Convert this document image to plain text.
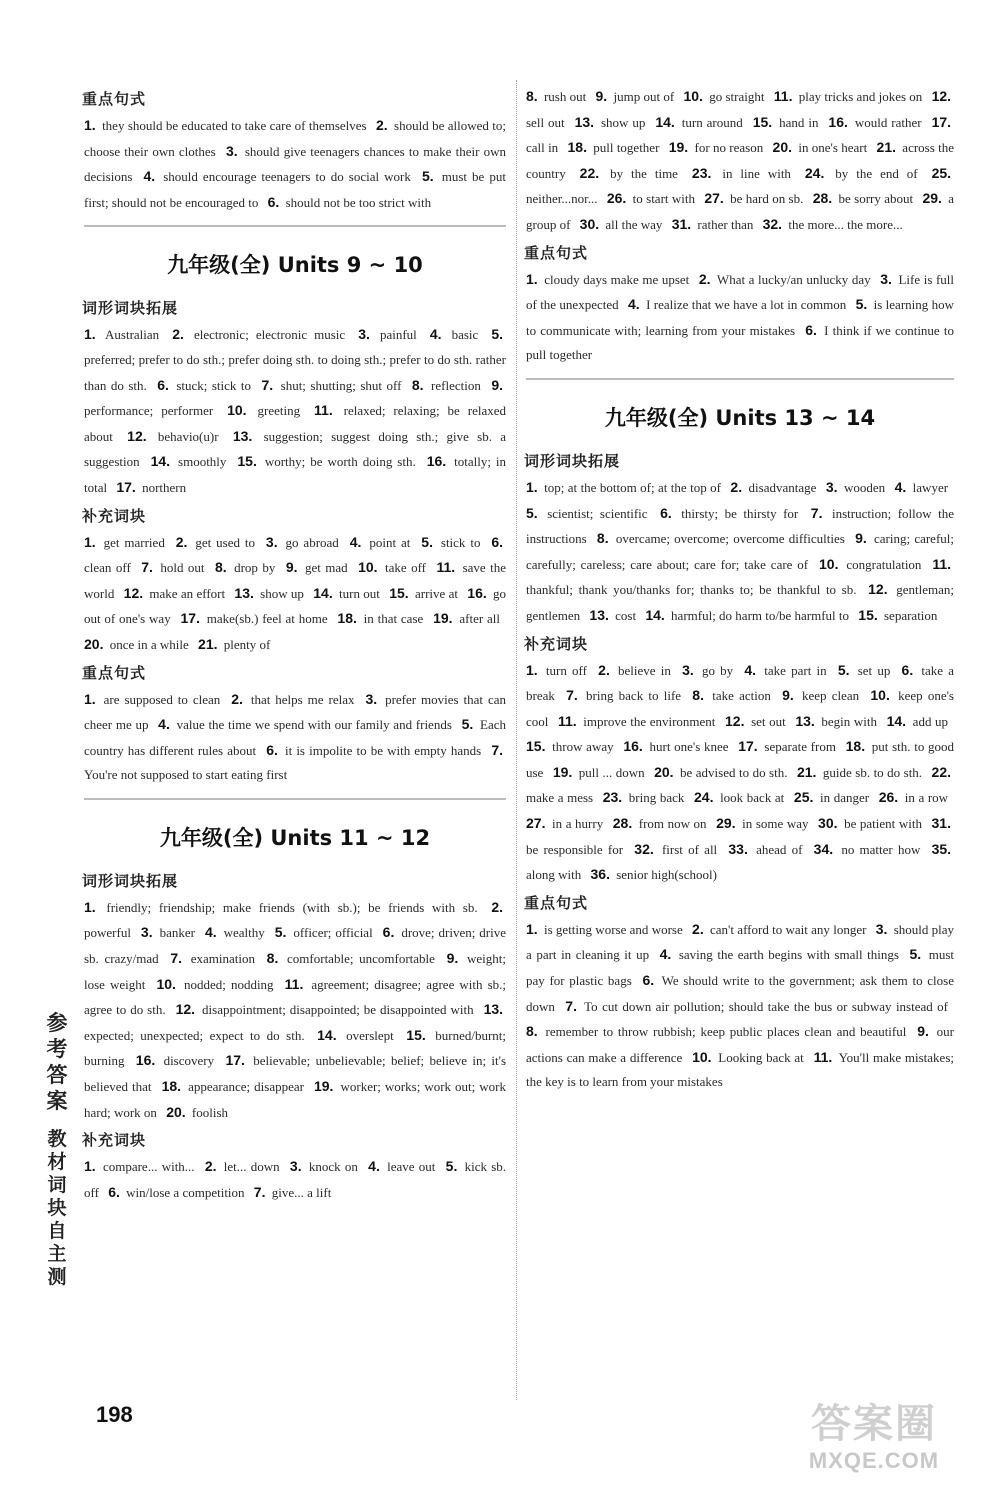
重点句式

1. they should be educated to take care of themselves 2. should be allowed to; choose their own clothes 3. should give teenagers chances to make their own decisions 4. should encourage teenagers to do social work 5. must be put first; should not be encouraged to 6. should not be too strict with

九年级(全) Units 9 ~ 10
词形词块拓展

1. Australian 2. electronic; electronic music 3. painful 4. basic 5. preferred; prefer to do sth.; prefer doing sth. to doing sth.; prefer to do sth. rather than do sth. 6. stuck; stick to 7. shut; shutting; shut off 8. reflection 9. performance; performer 10. greeting 11. relaxed; relaxing; be relaxed about 12. behavio(u)r 13. suggestion; suggest doing sth.; give sb. a suggestion 14. smoothly 15. worthy; be worth doing sth. 16. totally; in total 17. northern

补充词块

1. get married 2. get used to 3. go abroad 4. point at 5. stick to 6. clean off 7. hold out 8. drop by 9. get mad 10. take off 11. save the world 12. make an effort 13. show up 14. turn out 15. arrive at 16. go out of one's way 17. make(sb.) feel at home 18. in that case 19. after all 20. once in a while 21. plenty of

重点句式

1. are supposed to clean 2. that helps me relax 3. prefer movies that can cheer me up 4. value the time we spend with our family and friends 5. Each country has different rules about 6. it is impolite to be with empty hands 7. You're not supposed to start eating first

九年级(全) Units 11 ~ 12
词形词块拓展

1. friendly; friendship; make friends (with sb.); be friends with sb. 2. powerful 3. banker 4. wealthy 5. officer; official 6. drove; driven; drive sb. crazy/mad 7. examination 8. comfortable; uncomfortable 9. weight; lose weight 10. nodded; nodding 11. agreement; disagree; agree with sb.; agree to do sth. 12. disappointment; disappointed; be disappointed with 13. expected; unexpected; expect to do sth. 14. overslept 15. burned/burnt; burning 16. discovery 17. believable; unbelievable; belief; believe in; it's believed that 18. appearance; disappear 19. worker; works; work out; work hard; work on 20. foolish

补充词块

1. compare... with... 2. let... down 3. knock on 4. leave out 5. kick sb. off 6. win/lose a competition 7. give... a lift

8. rush out 9. jump out of 10. go straight 11. play tricks and jokes on 12. sell out 13. show up 14. turn around 15. hand in 16. would rather 17. call in 18. pull together 19. for no reason 20. in one's heart 21. across the country 22. by the time 23. in line with 24. by the end of 25. neither...nor... 26. to start with 27. be hard on sb. 28. be sorry about 29. a group of 30. all the way 31. rather than 32. the more... the more...

重点句式

1. cloudy days make me upset 2. What a lucky/an unlucky day 3. Life is full of the unexpected 4. I realize that we have a lot in common 5. is learning how to communicate with; learning from your mistakes 6. I think if we continue to pull together

九年级(全) Units 13 ~ 14
词形词块拓展

1. top; at the bottom of; at the top of 2. disadvantage 3. wooden 4. lawyer 5. scientist; scientific 6. thirsty; be thirsty for 7. instruction; follow the instructions 8. overcame; overcome; overcome difficulties 9. caring; careful; carefully; careless; care about; care for; take care of 10. congratulation 11. thankful; thank you/thanks for; thanks to; be thankful to sb. 12. gentleman; gentlemen 13. cost 14. harmful; do harm to/be harmful to 15. separation

补充词块

1. turn off 2. believe in 3. go by 4. take part in 5. set up 6. take a break 7. bring back to life 8. take action 9. keep clean 10. keep one's cool 11. improve the environment 12. set out 13. begin with 14. add up 15. throw away 16. hurt one's knee 17. separate from 18. put sth. to good use 19. pull ... down 20. be advised to do sth. 21. guide sb. to do sth. 22. make a mess 23. bring back 24. look back at 25. in danger 26. in a row 27. in a hurry 28. from now on 29. in some way 30. be patient with 31. be responsible for 32. first of all 33. ahead of 34. no matter how 35. along with 36. senior high(school)

重点句式

1. is getting worse and worse 2. can't afford to wait any longer 3. should play a part in cleaning it up 4. saving the earth begins with small things 5. must pay for plastic bags 6. We should write to the government; ask them to close down 7. To cut down air pollution; should take the bus or subway instead of 8. remember to throw rubbish; keep public places clean and beautiful 9. our actions can make a difference 10. Looking back at 11. You'll make mistakes; the key is to learn from your mistakes

参考答案
教材词块自主测
198	答案圈
MXQE.COM
